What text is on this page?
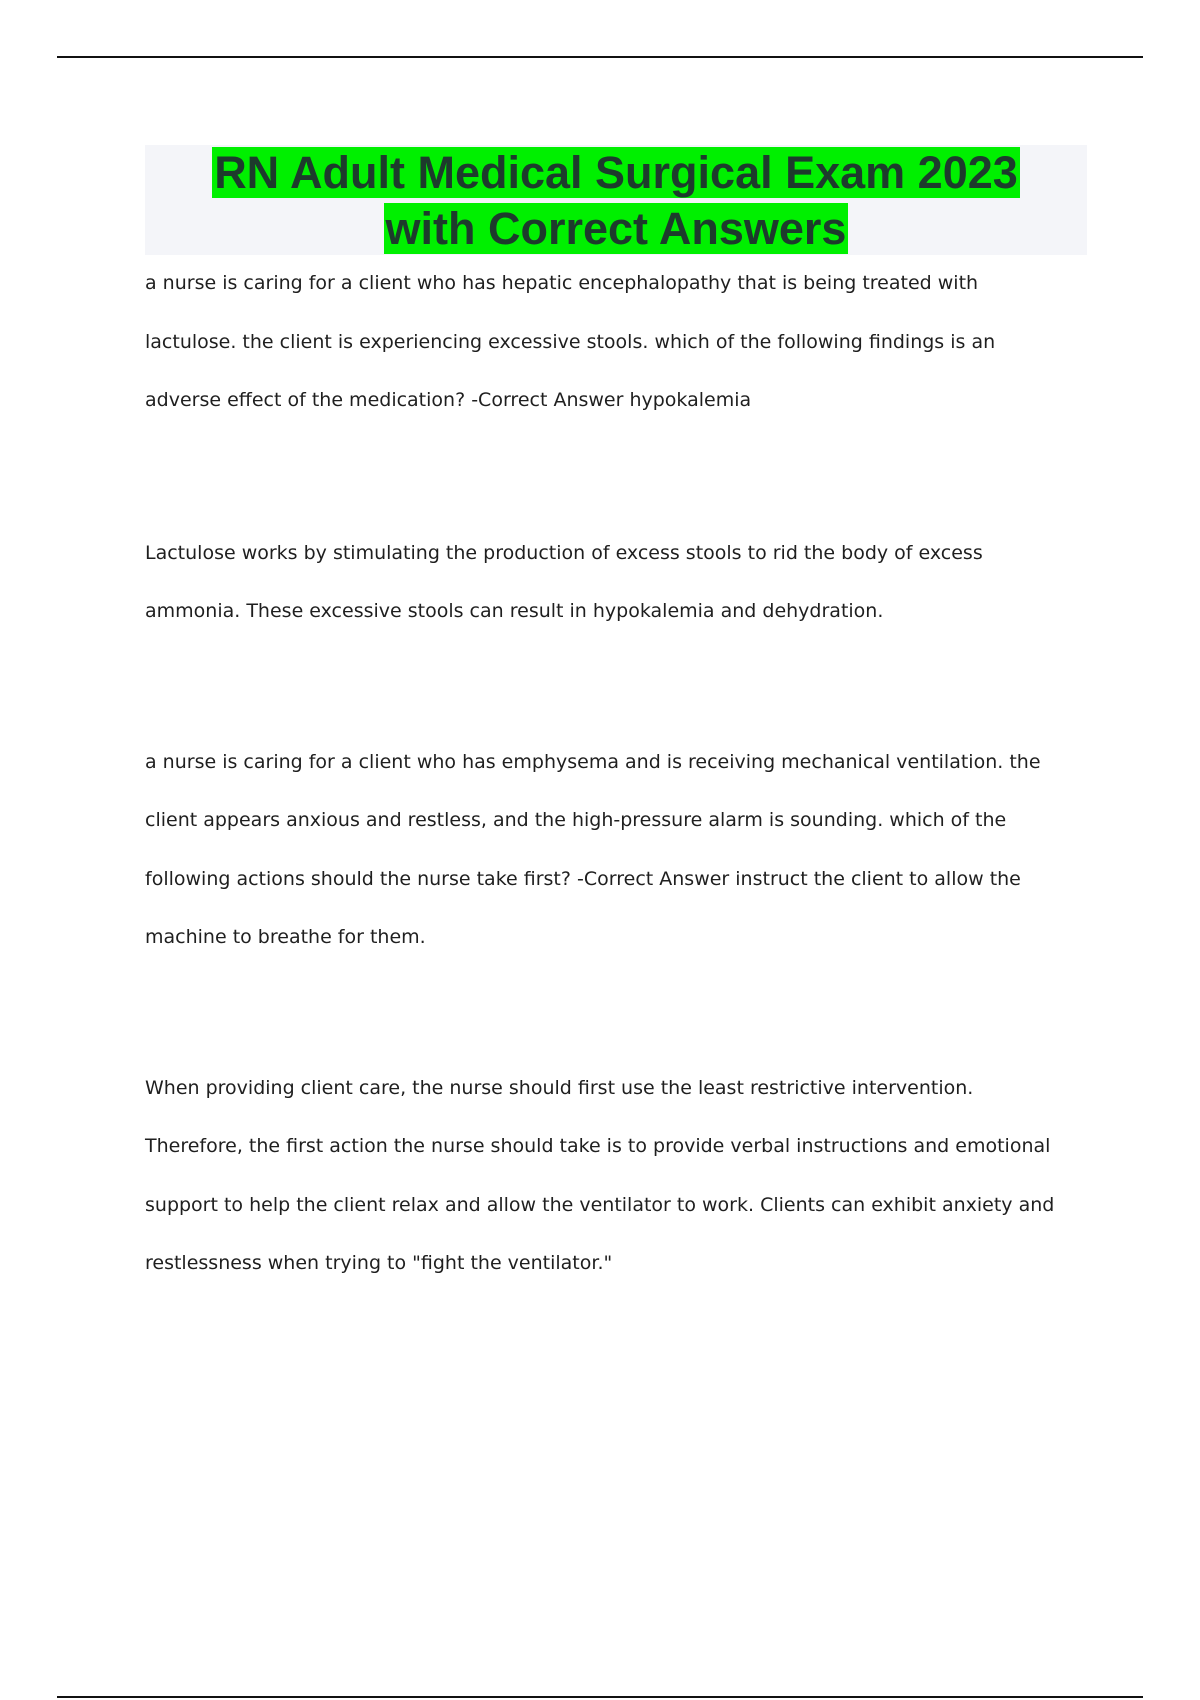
RN Adult Medical Surgical Exam 2023
with Correct Answers
a nurse is caring for a client who has hepatic encephalopathy that is being treated with
lactulose. the client is experiencing excessive stools. which of the following findings is an
adverse effect of the medication? -Correct Answer hypokalemia
Lactulose works by stimulating the production of excess stools to rid the body of excess
ammonia. These excessive stools can result in hypokalemia and dehydration.
a nurse is caring for a client who has emphysema and is receiving mechanical ventilation. the
client appears anxious and restless, and the high-pressure alarm is sounding. which of the
following actions should the nurse take first? -Correct Answer instruct the client to allow the
machine to breathe for them.
When providing client care, the nurse should first use the least restrictive intervention.
Therefore, the first action the nurse should take is to provide verbal instructions and emotional
support to help the client relax and allow the ventilator to work. Clients can exhibit anxiety and
restlessness when trying to "fight the ventilator."
